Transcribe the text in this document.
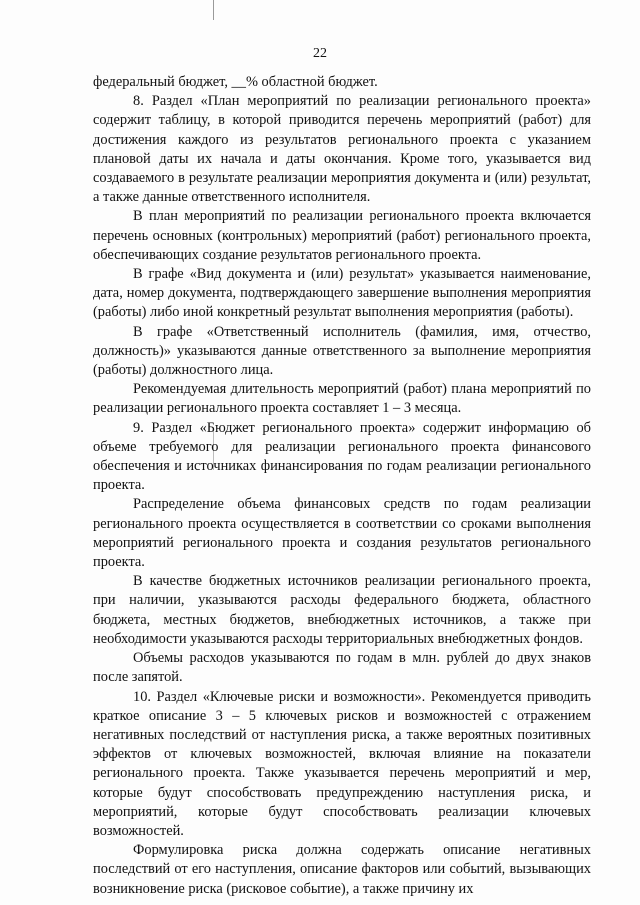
22

федеральный бюджет, __% областной бюджет.

8. Раздел «План мероприятий по реализации регионального проекта» содержит таблицу, в которой приводится перечень мероприятий (работ) для достижения каждого из результатов регионального проекта с указанием плановой даты их начала и даты окончания. Кроме того, указывается вид создаваемого в результате реализации мероприятия документа и (или) результат, а также данные ответственного исполнителя.

В план мероприятий по реализации регионального проекта включается перечень основных (контрольных) мероприятий (работ) регионального проекта, обеспечивающих создание результатов регионального проекта.

В графе «Вид документа и (или) результат» указывается наименование, дата, номер документа, подтверждающего завершение выполнения мероприятия (работы) либо иной конкретный результат выполнения мероприятия (работы).

В графе «Ответственный исполнитель (фамилия, имя, отчество, должность)» указываются данные ответственного за выполнение мероприятия (работы) должностного лица.

Рекомендуемая длительность мероприятий (работ) плана мероприятий по реализации регионального проекта составляет 1 – 3 месяца.

9. Раздел «Бюджет регионального проекта» содержит информацию об объеме требуемого для реализации регионального проекта финансового обеспечения и источниках финансирования по годам реализации регионального проекта.

Распределение объема финансовых средств по годам реализации регионального проекта осуществляется в соответствии со сроками выполнения мероприятий регионального проекта и создания результатов регионального проекта.

В качестве бюджетных источников реализации регионального проекта, при наличии, указываются расходы федерального бюджета, областного бюджета, местных бюджетов, внебюджетных источников, а также при необходимости указываются расходы территориальных внебюджетных фондов.

Объемы расходов указываются по годам в млн. рублей до двух знаков после запятой.

10. Раздел «Ключевые риски и возможности». Рекомендуется приводить краткое описание 3 – 5 ключевых рисков и возможностей с отражением негативных последствий от наступления риска, а также вероятных позитивных эффектов от ключевых возможностей, включая влияние на показатели регионального проекта. Также указывается перечень мероприятий и мер, которые будут способствовать предупреждению наступления риска, и мероприятий, которые будут способствовать реализации ключевых возможностей.

Формулировка риска должна содержать описание негативных последствий от его наступления, описание факторов или событий, вызывающих возникновение риска (рисковое событие), а также причину их
